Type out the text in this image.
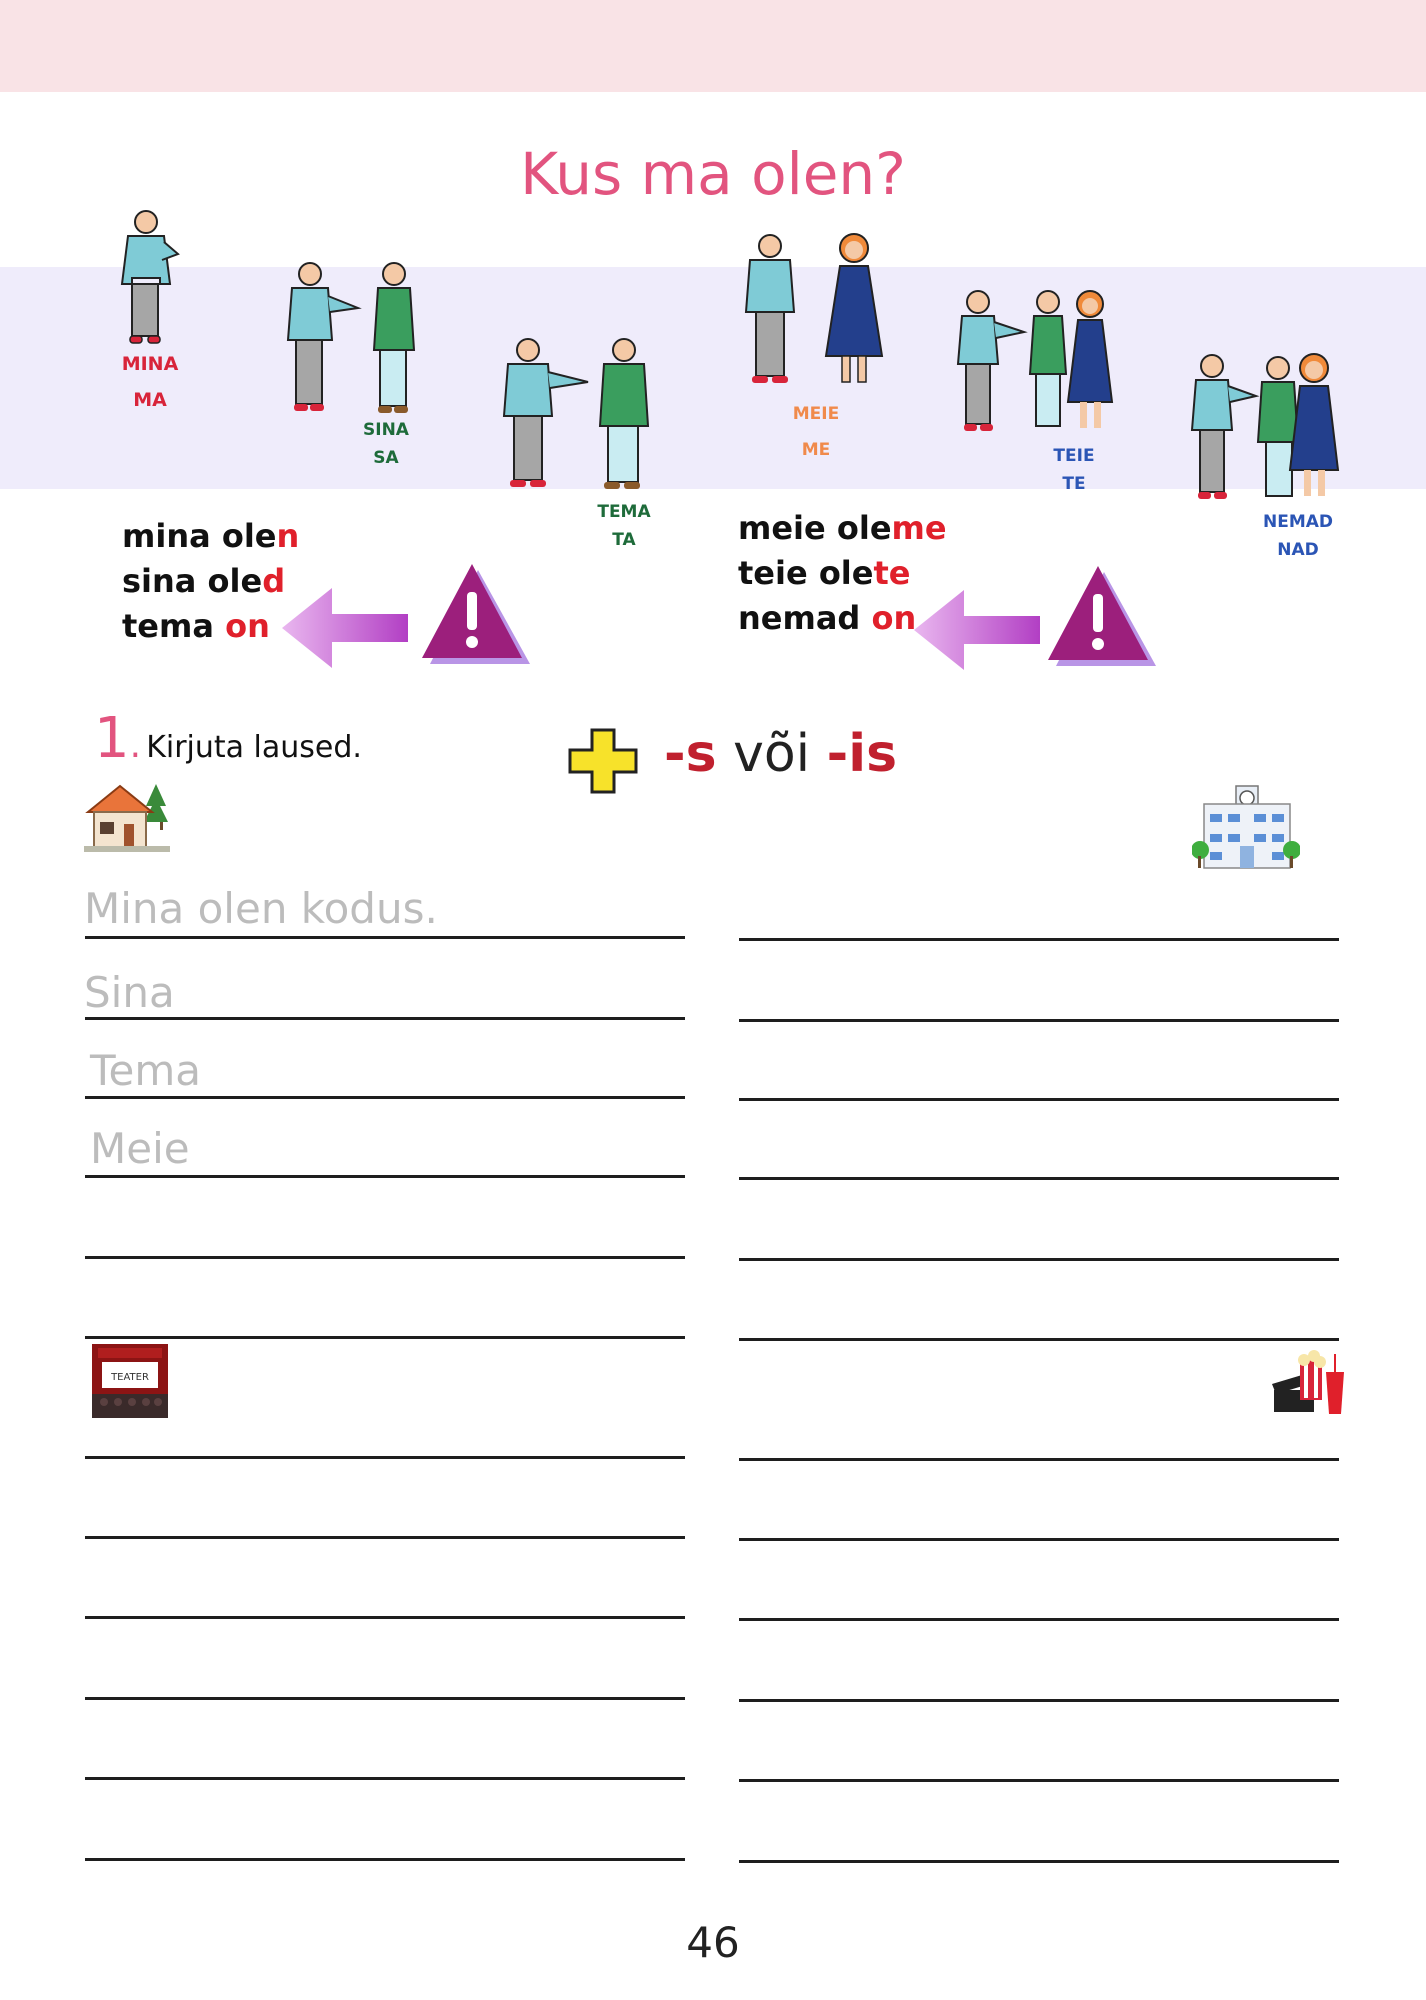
Kus ma olen?
MINA
MA
SINA
SA
TEMA
TA
MEIE
ME	TEIE
TE
NEMAD
NAD
mina olen
sina oled
tema on
meie oleme
teie olete
nemad on
1. Kirjuta laused.	-s või -is
TEATER
Mina olen kodus.
Sina
Tema
Meie
46
